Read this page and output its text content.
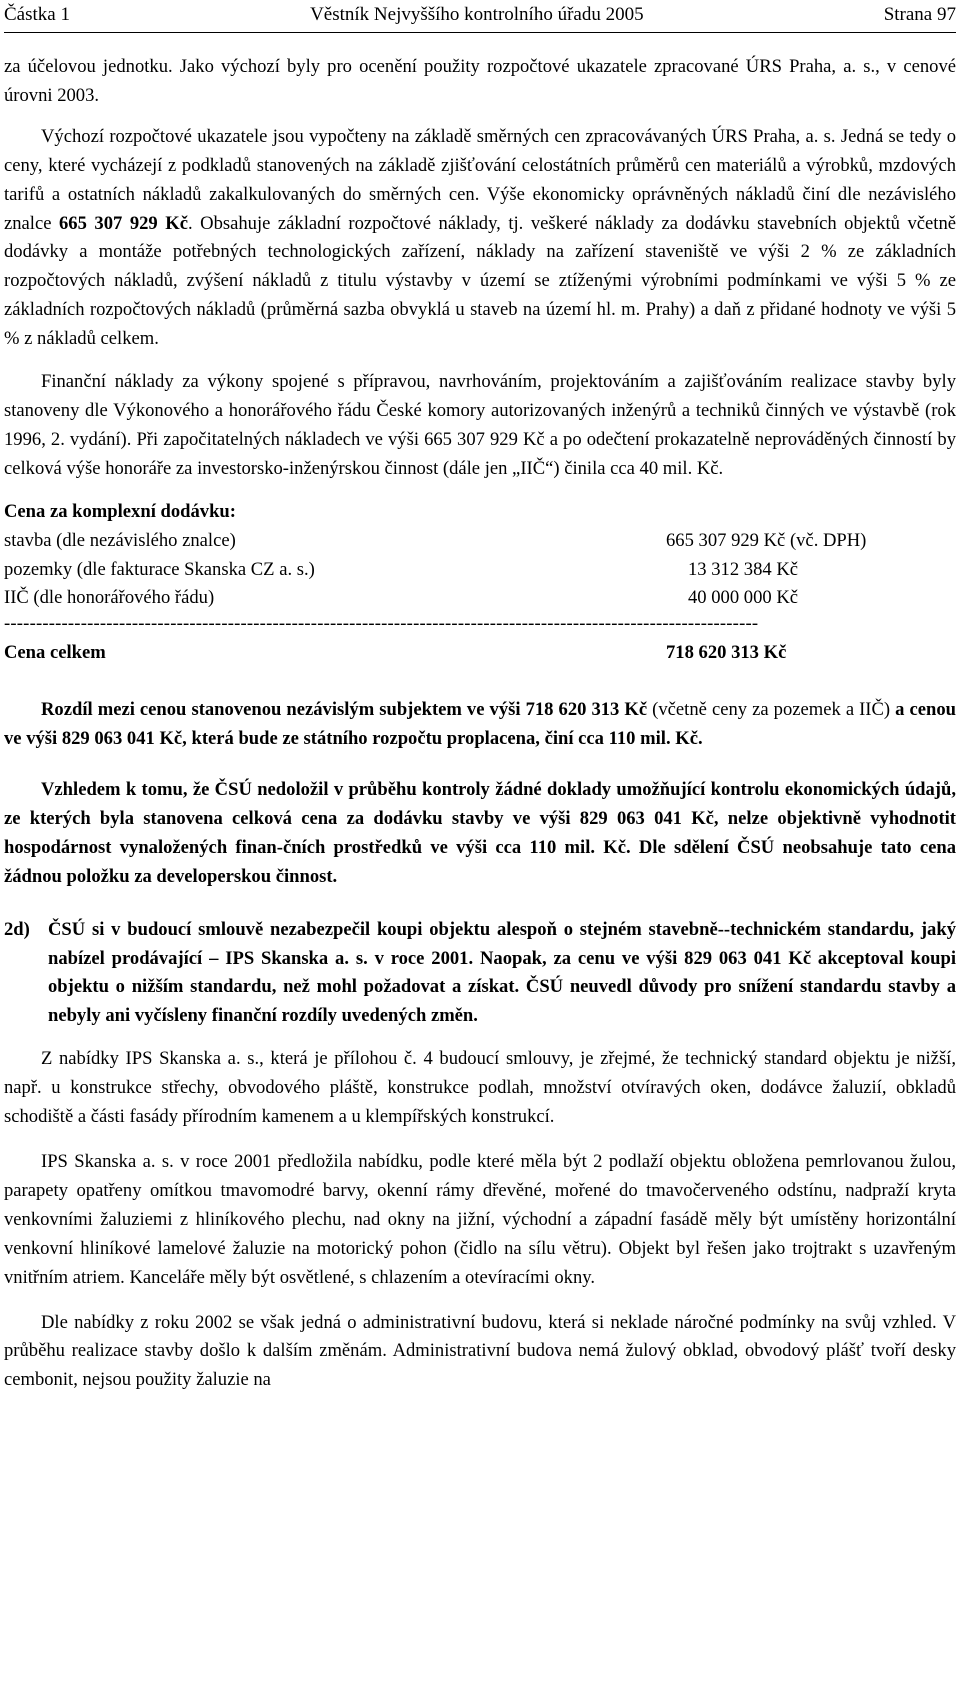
Částka 1	Věstník Nejvyššího kontrolního úřadu 2005	Strana 97

za účelovou jednotku. Jako výchozí byly pro ocenění použity rozpočtové ukazatele zpracované ÚRS Praha, a. s., v cenové úrovni 2003.

Výchozí rozpočtové ukazatele jsou vypočteny na základě směrných cen zpracovávaných ÚRS Praha, a. s. Jedná se tedy o ceny, které vycházejí z podkladů stanovených na základě zjišťování celostátních průměrů cen materiálů a výrobků, mzdových tarifů a ostatních nákladů zakalkulovaných do směrných cen. Výše ekonomicky oprávněných nákladů činí dle nezávislého znalce 665 307 929 Kč. Obsahuje základní rozpočtové náklady, tj. veškeré náklady za dodávku stavebních objektů včetně dodávky a montáže potřebných technologických zařízení, náklady na zařízení staveniště ve výši 2 % ze základních rozpočtových nákladů, zvýšení nákladů z titulu výstavby v území se ztíženými výrobními podmínkami ve výši 5 % ze základních rozpočtových nákladů (průměrná sazba obvyklá u staveb na území hl. m. Prahy) a daň z přidané hodnoty ve výši 5 % z nákladů celkem.

Finanční náklady za výkony spojené s přípravou, navrhováním, projektováním a zajišťováním realizace stavby byly stanoveny dle Výkonového a honorářového řádu České komory autorizovaných inženýrů a techniků činných ve výstavbě (rok 1996, 2. vydání). Při započitatelných nákladech ve výši 665 307 929 Kč a po odečtení prokazatelně neprováděných činností by celková výše honoráře za investorsko-inženýrskou činnost (dále jen „IIČ“) činila cca 40 mil. Kč.

Cena za komplexní dodávku:
stavba (dle nezávislého znalce)	665 307 929 Kč (vč. DPH)
pozemky (dle fakturace Skanska CZ a. s.)	13 312 384 Kč
IIČ (dle honorářového řádu)	40 000 000 Kč
----------------------------------------------------------------------------------------------------------------------
Cena celkem	718 620 313 Kč

Rozdíl mezi cenou stanovenou nezávislým subjektem ve výši 718 620 313 Kč (včetně ceny za pozemek a IIČ) a cenou ve výši 829 063 041 Kč, která bude ze státního rozpočtu proplacena, činí cca 110 mil. Kč.

Vzhledem k tomu, že ČSÚ nedoložil v průběhu kontroly žádné doklady umožňující kontrolu ekonomických údajů, ze kterých byla stanovena celková cena za dodávku stavby ve výši 829 063 041 Kč, nelze objektivně vyhodnotit hospodárnost vynaložených finan-čních prostředků ve výši cca 110 mil. Kč. Dle sdělení ČSÚ neobsahuje tato cena žádnou položku za developerskou činnost.

2d) ČSÚ si v budoucí smlouvě nezabezpečil koupi objektu alespoň o stejném stavebně--technickém standardu, jaký nabízel prodávající – IPS Skanska a. s. v roce 2001. Naopak, za cenu ve výši 829 063 041 Kč akceptoval koupi objektu o nižším standardu, než mohl požadovat a získat. ČSÚ neuvedl důvody pro snížení standardu stavby a nebyly ani vyčísleny finanční rozdíly uvedených změn.

Z nabídky IPS Skanska a. s., která je přílohou č. 4 budoucí smlouvy, je zřejmé, že technický standard objektu je nižší, např. u konstrukce střechy, obvodového pláště, konstrukce podlah, množství otvíravých oken, dodávce žaluzií, obkladů schodiště a části fasády přírodním kamenem a u klempířských konstrukcí.

IPS Skanska a. s. v roce 2001 předložila nabídku, podle které měla být 2 podlaží objektu obložena pemrlovanou žulou, parapety opatřeny omítkou tmavomodré barvy, okenní rámy dřevěné, mořené do tmavočerveného odstínu, nadpraží kryta venkovními žaluziemi z hliníkového plechu, nad okny na jižní, východní a západní fasádě měly být umístěny horizontální venkovní hliníkové lamelové žaluzie na motorický pohon (čidlo na sílu větru). Objekt byl řešen jako trojtrakt s uzavřeným vnitřním atriem. Kanceláře měly být osvětlené, s chlazením a otevíracími okny.

Dle nabídky z roku 2002 se však jedná o administrativní budovu, která si neklade náročné podmínky na svůj vzhled. V průběhu realizace stavby došlo k dalším změnám. Administrativní budova nemá žulový obklad, obvodový plášť tvoří desky cembonit, nejsou použity žaluzie na
